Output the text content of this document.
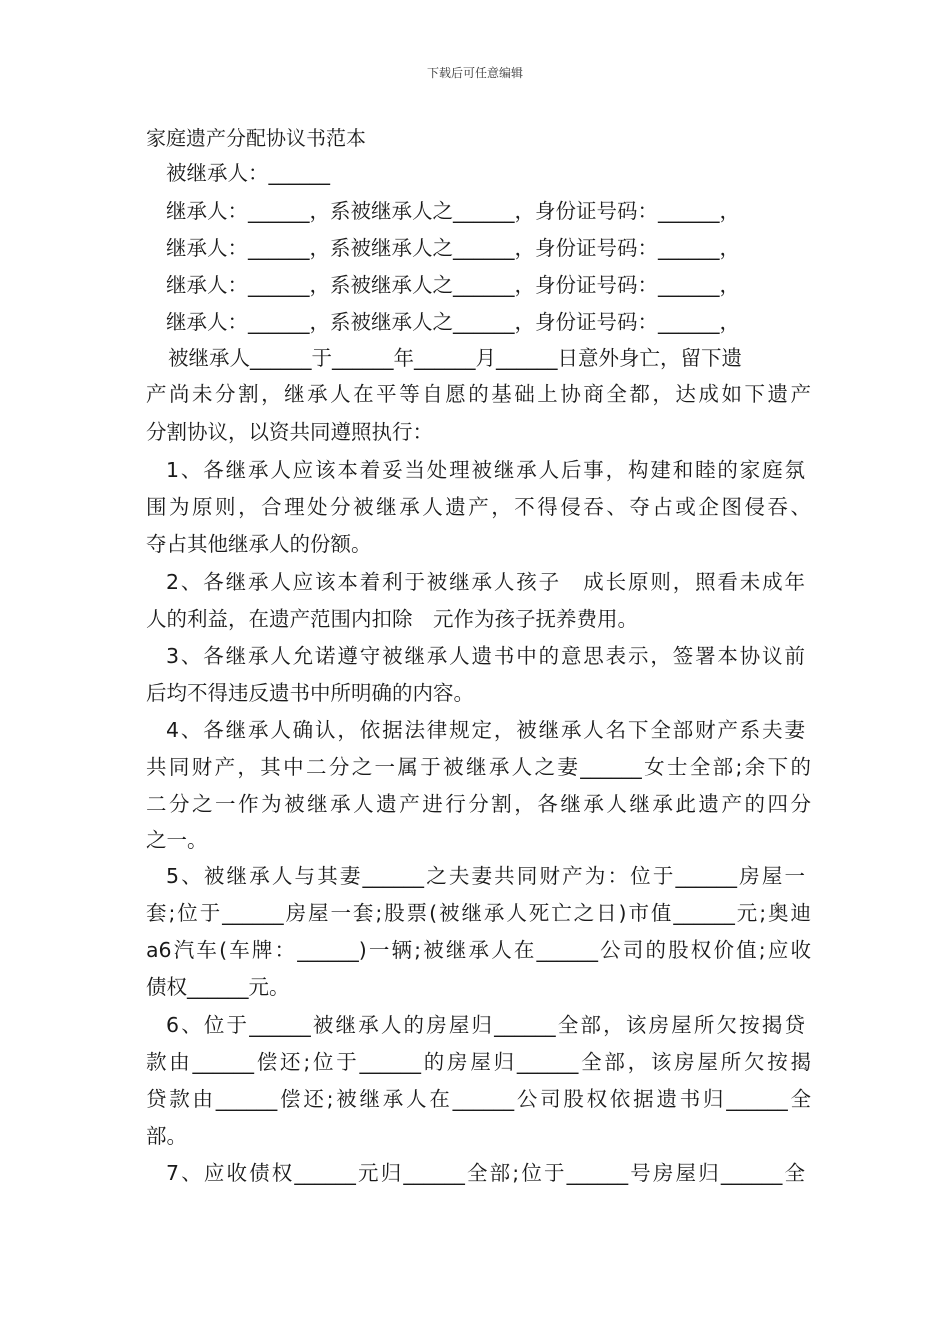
下载后可任意编辑
家庭遗产分配协议书范本
被继承人：______
继承人：______，系被继承人之______，身份证号码：______，
继承人：______，系被继承人之______，身份证号码：______，
继承人：______，系被继承人之______，身份证号码：______，
继承人：______，系被继承人之______，身份证号码：______，
被继承人______于______年______月______日意外身亡，留下遗
产尚未分割，继承人在平等自愿的基础上协商全都，达成如下遗产
分割协议，以资共同遵照执行：
1、各继承人应该本着妥当处理被继承人后事，构建和睦的家庭氛
围为原则，合理处分被继承人遗产，不得侵吞、夺占或企图侵吞、
夺占其他继承人的份额。
2、各继承人应该本着利于被继承人孩子　成长原则，照看未成年
人的利益，在遗产范围内扣除　元作为孩子抚养费用。
3、各继承人允诺遵守被继承人遗书中的意思表示，签署本协议前
后均不得违反遗书中所明确的内容。
4、各继承人确认，依据法律规定，被继承人名下全部财产系夫妻
共同财产，其中二分之一属于被继承人之妻______女士全部;余下的
二分之一作为被继承人遗产进行分割，各继承人继承此遗产的四分
之一。
5、被继承人与其妻______之夫妻共同财产为：位于______房屋一
套;位于______房屋一套;股票(被继承人死亡之日)市值______元;奥迪
a6汽车(车牌：______)一辆;被继承人在______公司的股权价值;应收
债权______元。
6、位于______被继承人的房屋归______全部，该房屋所欠按揭贷
款由______偿还;位于______的房屋归______全部，该房屋所欠按揭
贷款由______偿还;被继承人在______公司股权依据遗书归______全
部。
7、应收债权______元归______全部;位于______号房屋归______全
